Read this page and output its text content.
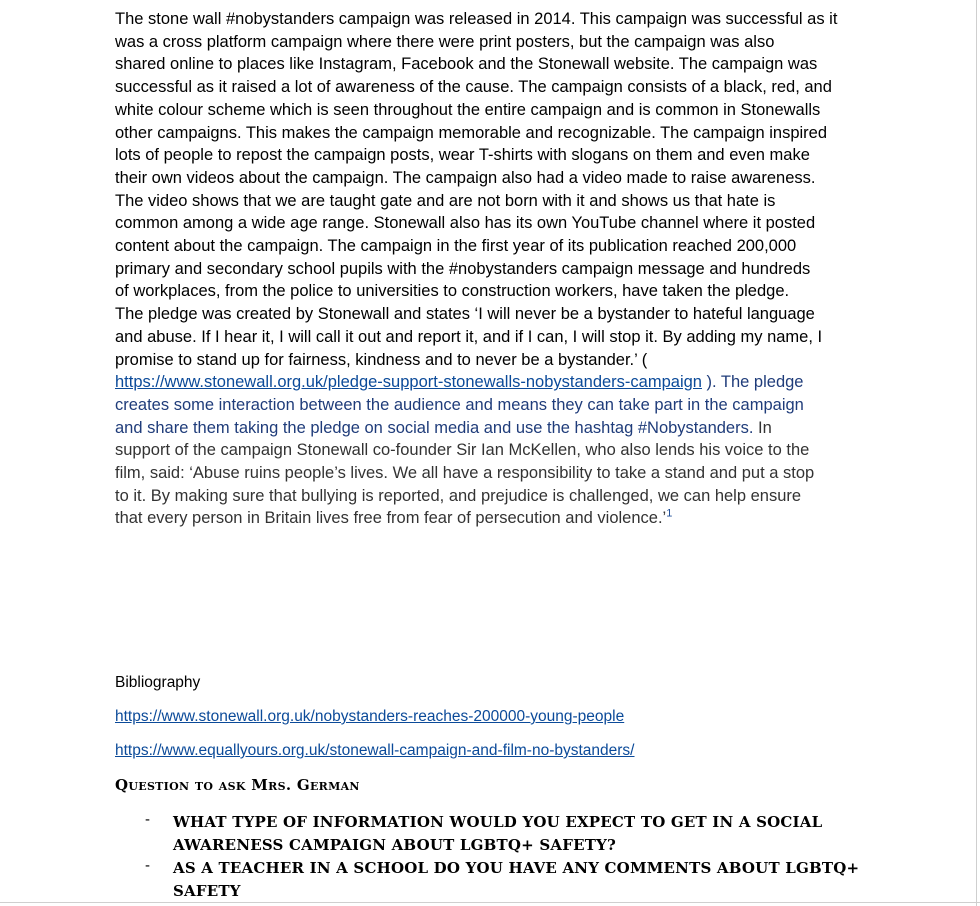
The stone wall #nobystanders campaign was released in 2014. This campaign was successful as it
was a cross platform campaign where there were print posters, but the campaign was also
shared online to places like Instagram, Facebook and the Stonewall website. The campaign was
successful as it raised a lot of awareness of the cause. The campaign consists of a black, red, and
white colour scheme which is seen throughout the entire campaign and is common in Stonewalls
other campaigns. This makes the campaign memorable and recognizable. The campaign inspired
lots of people to repost the campaign posts, wear T-shirts with slogans on them and even make
their own videos about the campaign. The campaign also had a video made to raise awareness.
The video shows that we are taught gate and are not born with it and shows us that hate is
common among a wide age range. Stonewall also has its own YouTube channel where it posted
content about the campaign. The campaign in the first year of its publication reached 200,000
primary and secondary school pupils with the #nobystanders campaign message and hundreds
of workplaces, from the police to universities to construction workers, have taken the pledge.
The pledge was created by Stonewall and states ‘I will never be a bystander to hateful language
and abuse. If I hear it, I will call it out and report it, and if I can, I will stop it. By adding my name, I
promise to stand up for fairness, kindness and to never be a bystander.’ (
https://www.stonewall.org.uk/pledge-support-stonewalls-nobystanders-campaign ). The pledge
creates some interaction between the audience and means they can take part in the campaign
and share them taking the pledge on social media and use the hashtag #Nobystanders. In
support of the campaign Stonewall co-founder Sir Ian McKellen, who also lends his voice to the
film, said: ‘Abuse ruins people’s lives. We all have a responsibility to take a stand and put a stop
to it. By making sure that bullying is reported, and prejudice is challenged, we can help ensure
that every person in Britain lives free from fear of persecution and violence.’$^1$
Bibliography
https://www.stonewall.org.uk/nobystanders-reaches-200000-young-people
https://www.equallyours.org.uk/stonewall-campaign-and-film-no-bystanders/
Question to ask Mrs. German
- WHAT TYPE OF INFORMATION WOULD YOU EXPECT TO GET IN A SOCIAL AWARENESS CAMPAIGN ABOUT LGBTQ+ SAFETY?
- AS A TEACHER IN A SCHOOL DO YOU HAVE ANY COMMENTS ABOUT LGBTQ+ SAFETY
